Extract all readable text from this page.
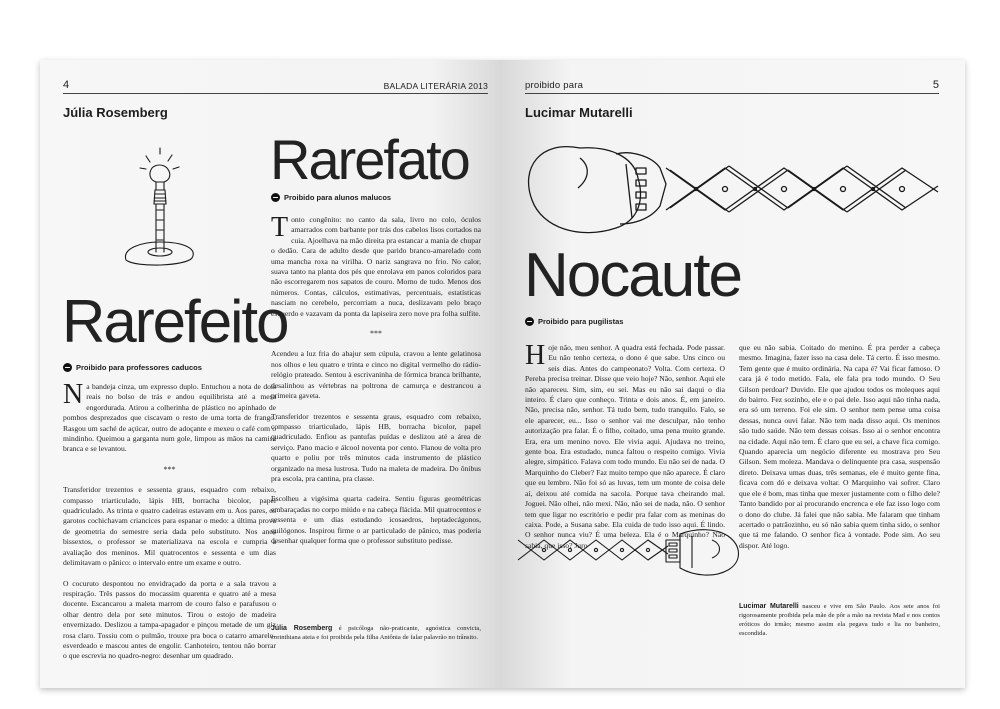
4	BALADA LITERÁRIA 2013
Júlia Rosemberg
Rarefeito
Proibido para professores caducos

Na bandeja cinza, um expresso duplo. Entuchou a nota de dois reais no bolso de trás e andou equilibrista até a mesa engordurada. Atirou a colherinha de plástico no apinhado de pombos desprezados que ciscavam o resto de uma torta de frango. Rasgou um saché de açúcar, outro de adoçante e mexeu o café com o mindinho. Queimou a garganta num gole, limpou as mãos na camisa branca e se levantou.

***

Transferidor trezentos e sessenta graus, esquadro com rebaixo, compasso triarticulado, lápis HB, borracha bicolor, papel quadriculado. As trinta e quatro cadeiras estavam em u. Aos pares, os garotos cochichavam criancices para espanar o medo: a última prova de geometria do semestre seria dada pelo substituto. Nos anos bissextos, o professor se materializava na escola e cumpria a avaliação dos meninos. Mil quatrocentos e sessenta e um dias delimitavam o pânico: o intervalo entre um exame e outro.

O cocuruto despontou no envidraçado da porta e a sala travou a respiração. Três passos do mocassim quarenta e quatro até a mesa docente. Escancarou a maleta marrom de couro falso e parafusou o olhar dentro dela por sete minutos. Tirou o estojo de madeira envernizado. Deslizou a tampa-apagador e pinçou metade de um giz rosa claro. Tossiu com o pulmão, trouxe pra boca o catarro amarelo-esverdeado e mascou antes de engolir. Canhoteiro, tentou não borrar o que escrevia no quadro-negro: desenhar um quadrado.

Rarefato
Proibido para alunos malucos

Tonto congênito: no canto da sala, livro no colo, óculos amarrados com barbante por trás dos cabelos lisos cortados na cuia. Ajoelhava na mão direita pra estancar a mania de chupar o dedão. Cara de adulto desde que parido branco-amarelado com uma mancha roxa na virilha. O nariz sangrava no frio. No calor, suava tanto na planta dos pés que enrolava em panos coloridos para não escorregarem nos sapatos de couro. Morno de tudo. Menos dos números. Contas, cálculos, estimativas, percentuais, estatísticas nasciam no cerebelo, percorriam a nuca, deslizavam pelo braço esquerdo e vazavam da ponta da lapiseira zero nove pra folha sulfite.

***

Acendeu a luz fria do abajur sem cúpula, cravou a lente gelatinosa nos olhos e leu quatro e trinta e cinco no digital vermelho do rádio-relógio prateado. Sentou à escrivaninha de fórmica branca brilhante, desalinhou as vértebras na poltrona de camurça e destrancou a primeira gaveta.

Transferidor trezentos e sessenta graus, esquadro com rebaixo, compasso triarticulado, lápis HB, borracha bicolor, papel quadriculado. Enfiou as pantufas puídas e deslizou até a área de serviço. Pano macio e álcool noventa por cento. Flanou de volta pro quarto e poliu por três minutos cada instrumento de plástico organizado na mesa lustrosa. Tudo na maleta de madeira. Do ônibus pra escola, pra cantina, pra classe.

Escolheu a vigésima quarta cadeira. Sentiu figuras geométricas embaraçadas no corpo miúdo e na cabeça flácida. Mil quatrocentos e sessenta e um dias estudando icosaedros, heptadecágonos, quilógonos. Inspirou firme o ar particulado de pânico, mas poderia desenhar qualquer forma que o professor substituto pedisse.

Júlia Rosemberg é psicóloga não-praticante, agnóstica convicta, corinthiana ateia e foi proibida pela filha Antônia de falar palavrão no trânsito.
proibido para	5
Lucimar Mutarelli
Nocaute
Proibido para pugilistas

Hoje não, meu senhor. A quadra está fechada. Pode passar. Eu não tenho certeza, o dono é que sabe. Uns cinco ou seis dias. Antes do campeonato? Volta. Com certeza. O Pereba precisa treinar. Disse que veio hoje? Não, senhor. Aqui ele não apareceu. Sim, sim, eu sei. Mas eu não sai daqui o dia inteiro. É claro que conheço. Trinta e dois anos. É, em janeiro. Não, precisa não, senhor. Tá tudo bem, tudo tranquilo. Falo, se ele aparecer, eu... Isso o senhor vai me desculpar, não tenho autorização pra falar. É o filho, coitado, uma pena muito grande. Era, era um menino novo. Ele vivia aqui. Ajudava no treino, gente boa. Era estudado, nunca faltou o respeito comigo. Vivia alegre, simpático. Falava com todo mundo. Eu não sei de nada. O Marquinho do Cleber? Faz muito tempo que não aparece. É claro que eu lembro. Não foi só as luvas, tem um monte de coisa dele aí, deixou até comida na sacola. Porque tava cheirando mal. Joguei. Não olhei, não mexi. Não, não sei de nada, não. O senhor tem que ligar no escritório e pedir pra falar com as meninas do caixa. Pode, a Susana sabe. Ela cuida de tudo isso aqui. É lindo. O senhor nunca viu? É uma beleza. Ela é o Marquinho? Não sabia, que isso? Juro

que eu não sabia. Coitado do menino. É pra perder a cabeça mesmo. Imagina, fazer isso na casa dele. Tá certo. É isso mesmo. Tem gente que é muito ordinária. Na capa é? Vai ficar famoso. O cara já é todo metido. Fala, ele fala pra todo mundo. O Seu Gilson perdoar? Duvido. Ele que ajudou todos os moleques aqui do bairro. Fez sozinho, ele e o pai dele. Isso aqui não tinha nada, era só um terreno. Foi ele sim. O senhor nem pense uma coisa dessas, nunca ouvi falar. Não tem nada disso aqui. Os meninos são tudo saúde. Não tem dessas coisas. Isso ai o senhor encontra na cidade. Aqui não tem. É claro que eu sei, a chave fica comigo. Quando aparecia um negócio diferente eu mostrava pro Seu Gilson. Sem moleza. Mandava o delinquente pra casa, suspensão direto. Deixava umas duas, três semanas, ele é muito gente fina, ficava com dó e deixava voltar. O Marquinho vai sofrer. Claro que ele é bom, mas tinha que mexer justamente com o filho dele? Tanto bandido por aí procurando encrenca e ele faz isso logo com o dono do clube. Já falei que não sabia. Me falaram que tinham acertado o patrãozinho, eu só não sabia quem tinha sido, o senhor que tá me falando. O senhor fica à vontade. Pode sim. Ao seu dispor. Até logo.

Lucimar Mutarelli nasceu e vive em São Paulo. Aos sete anos foi rigorosamente proibida pela mãe de pôr a mão na revista Mad e nos contos eróticos do irmão; mesmo assim ela pegava tudo e lia no banheiro, escondida.
